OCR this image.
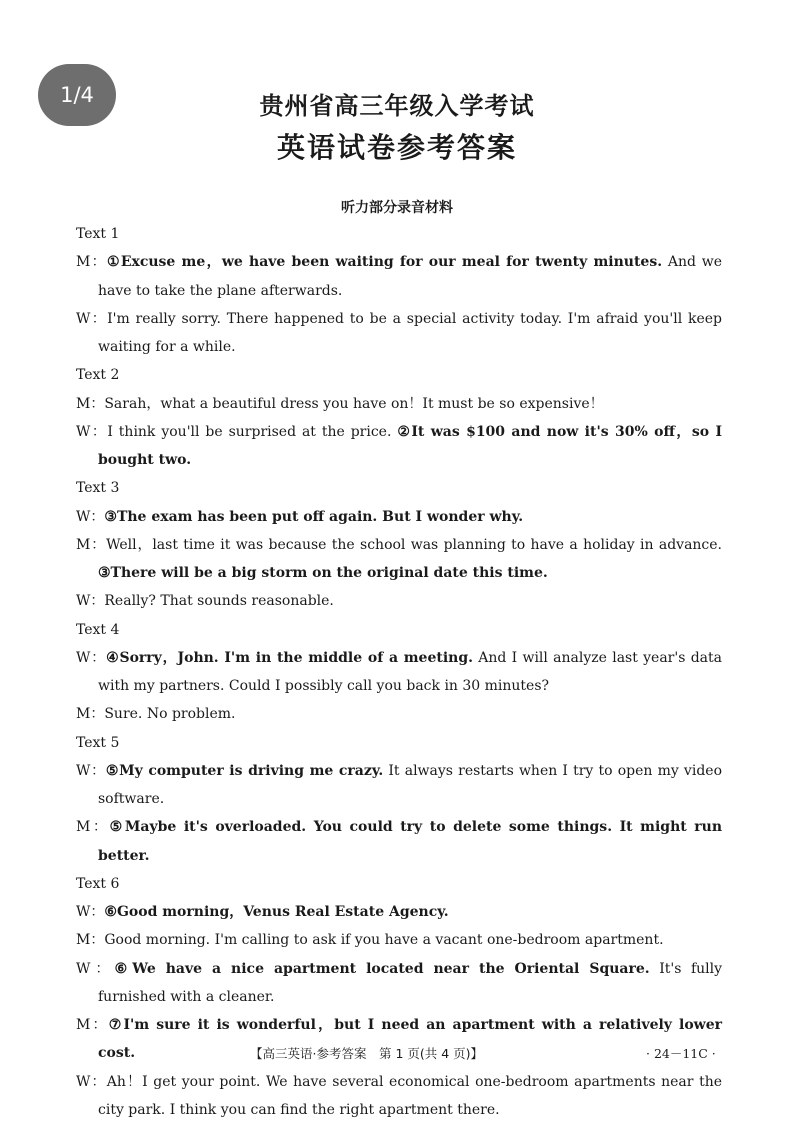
1/4	贵州省高三年级入学考试
英语试卷参考答案
听力部分录音材料
Text 1
M：①Excuse me，we have been waiting for our meal for twenty minutes. And we have to take the plane afterwards.
W：I'm really sorry. There happened to be a special activity today. I'm afraid you'll keep waiting for a while.
Text 2
M：Sarah，what a beautiful dress you have on！It must be so expensive！
W：I think you'll be surprised at the price. ②It was $100 and now it's 30% off，so I bought two.
Text 3
W：③The exam has been put off again. But I wonder why.
M：Well，last time it was because the school was planning to have a holiday in advance. ③There will be a big storm on the original date this time.
W：Really? That sounds reasonable.
Text 4
W：④Sorry，John. I'm in the middle of a meeting. And I will analyze last year's data with my partners. Could I possibly call you back in 30 minutes?
M：Sure. No problem.
Text 5
W：⑤My computer is driving me crazy. It always restarts when I try to open my video software.
M：⑤Maybe it's overloaded. You could try to delete some things. It might run better.
Text 6
W：⑥Good morning，Venus Real Estate Agency.
M：Good morning. I'm calling to ask if you have a vacant one-bedroom apartment.
W：⑥We have a nice apartment located near the Oriental Square. It's fully furnished with a cleaner.
M：⑦I'm sure it is wonderful，but I need an apartment with a relatively lower cost.
W：Ah！I get your point. We have several economical one-bedroom apartments near the city park. I think you can find the right apartment there.
【高三英语·参考答案　第 1 页(共 4 页)】	· 24－11C ·
